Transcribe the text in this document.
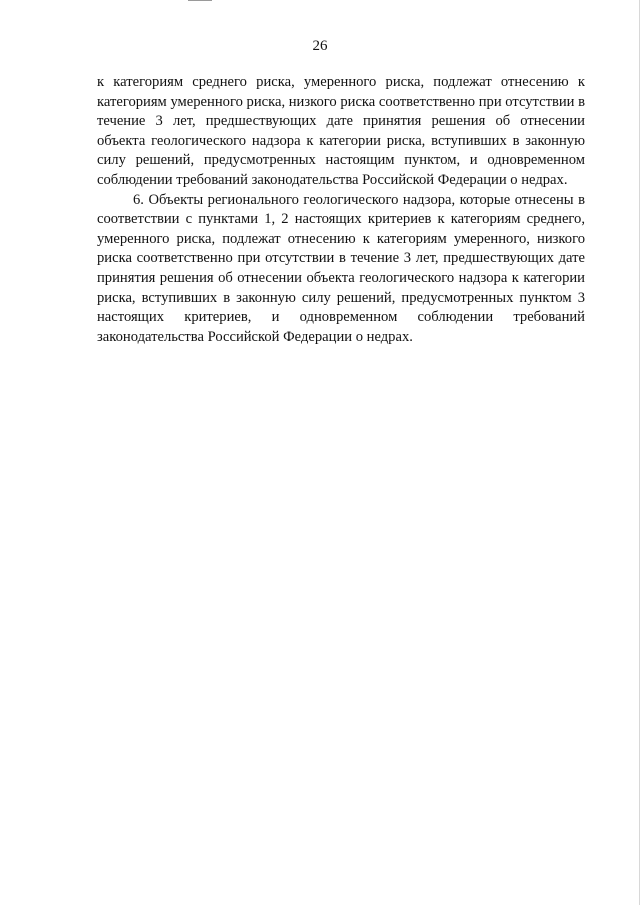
26

к категориям среднего риска, умеренного риска, подлежат отнесению к категориям умеренного риска, низкого риска соответственно при отсутствии в течение 3 лет, предшествующих дате принятия решения об отнесении объекта геологического надзора к категории риска, вступивших в законную силу решений, предусмотренных настоящим пунктом, и одновременном соблюдении требований законодательства Российской Федерации о недрах.

6. Объекты регионального геологического надзора, которые отнесены в соответствии с пунктами 1, 2 настоящих критериев к категориям среднего, умеренного риска, подлежат отнесению к категориям умеренного, низкого риска соответственно при отсутствии в течение 3 лет, предшествующих дате принятия решения об отнесении объекта геологического надзора к категории риска, вступивших в законную силу решений, предусмотренных пунктом 3 настоящих критериев, и одновременном соблюдении требований законодательства Российской Федерации о недрах.
